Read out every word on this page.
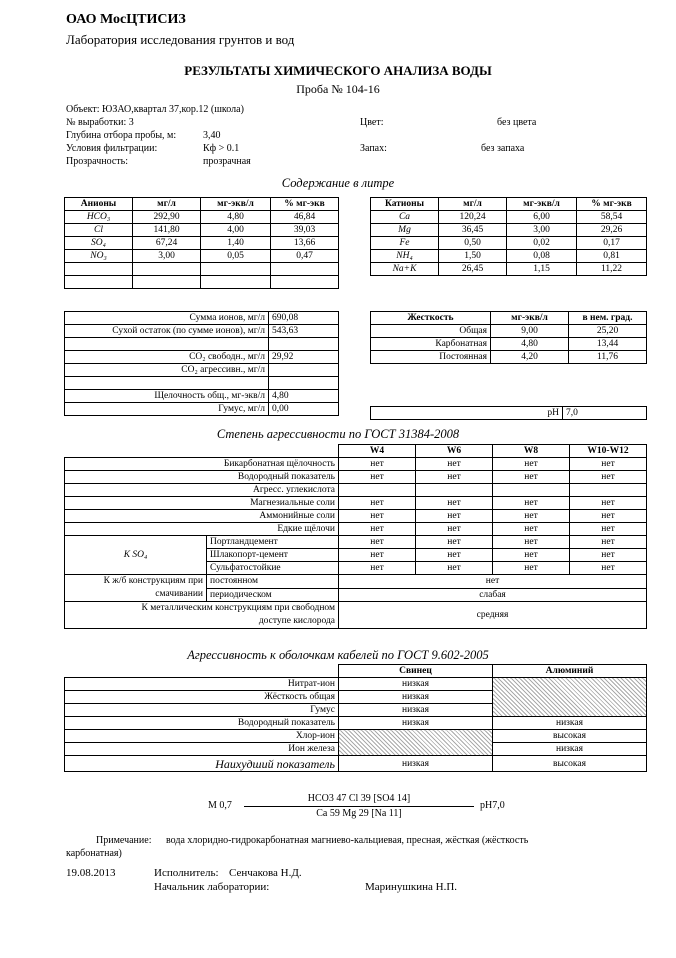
ОАО МосЦТИСИЗ
Лаборатория исследования грунтов и вод
РЕЗУЛЬТАТЫ ХИМИЧЕСКОГО АНАЛИЗА ВОДЫ
Проба № 104-16
Объект: ЮЗАО,квартал 37,кор.12 (школа)
№ выработки: 3
Глубина отбора пробы, м:	3,40
Условия фильтрации:	Кф > 0.1
Прозрачность:	прозрачная
Цвет:	без цвета
Запах:	без запаха
Содержание в литре
Анионы	мг/л	мг-экв/л	% мг-экв
HCO₃	292,90	4,80	46,84
Cl	141,80	4,00	39,03
SO₄	67,24	1,40	13,66
NO₃	3,00	0,05	0,47

Катионы	мг/л	мг-экв/л	% мг-экв
Ca	120,24	6,00	58,54
Mg	36,45	3,00	29,26
Fe	0,50	0,02	0,17
NH₄	1,50	0,08	0,81
Na+K	26,45	1,15	11,22
Сумма ионов, мг/л	690,08
Сухой остаток (по сумме ионов), мг/л	543,63

CO₂ свободн., мг/л	29,92
CO₂ агрессивн., мг/л	

Щелочность общ., мг-экв/л	4,80
Гумус, мг/л	0,00
Жесткость	мг-экв/л	в нем. град.
Общая	9,00	25,20
Карбонатная	4,80	13,44
Постоянная	4,20	11,76
pH	7,0
Степень агрессивности по ГОСТ 31384-2008
		W4	W6	W8	W10-W12
Бикарбонатная щёлочность		нет	нет	нет	нет
Водородный показатель		нет	нет	нет	нет
Агресс. углекислота					
Магнезиальные соли		нет	нет	нет	нет
Аммонийные соли		нет	нет	нет	нет
Едкие щёлочи		нет	нет	нет	нет
К SO₄	Портландцемент	нет	нет	нет	нет
	Шлакопорт-цемент	нет	нет	нет	нет
	Сульфатостойкие	нет	нет	нет	нет

К ж/б конструкциям при
смачивании	постоянном	нет			
	периодическом	слабая			

К металлическим конструкциям при свободном
доступе кислорода		средняя			
Агрессивность к оболочкам кабелей по ГОСТ 9.602-2005
	Свинец	Алюминий
Нитрат-ион	низкая	
Жёсткость общая	низкая	
Гумус	низкая	
Водородный показатель	низкая	низкая
Хлор-ион		высокая
Ион железа		низкая
Наихудший показатель	низкая	высокая
М 0,7
HCO3 47 Cl 39 [SO4 14]
Ca 59 Mg 29 [Na 11]
pH7,0
Примечание: вода хлоридно-гидрокарбонатная магниево-кальциевая, пресная, жёсткая (жёсткость
карбонатная)
19.08.2013	Исполнитель: Сенчакова Н.Д.
Начальник лаборатории:	Маринушкина Н.П.
